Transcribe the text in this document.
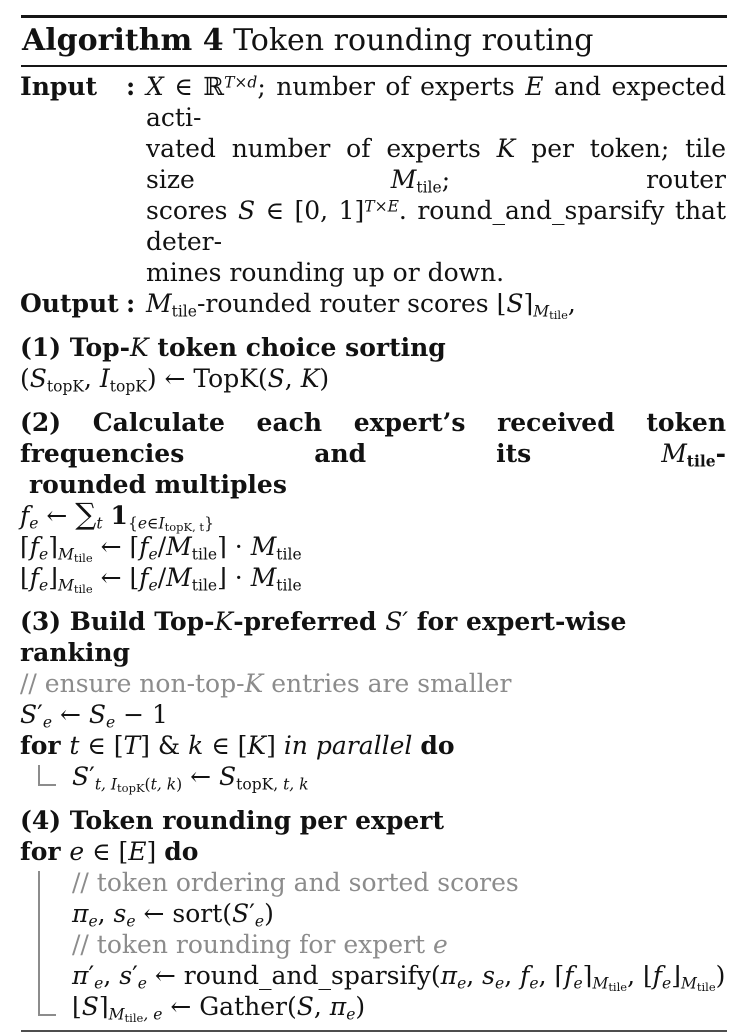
Algorithm 4 Token rounding routing
Input	: X ∈ ℝ$^{T\times d}$; number of experts E and expected acti-
vated number of experts K per token; tile size Mtile; router
scores S ∈ [0, 1]$^{T\times E}$. round_and_sparsify that deter-
mines rounding up or down.
Output : Mtile-rounded router scores $⌊S⌉M_{tile}$,
(1) Top-K token choice sorting
(StopK, ItopK) ← TopK(S, K)
(2) Calculate each expert’s received token frequencies and its Mtile-
rounded multiples
fe ← ∑t $1\{e\in I_{topK, t}\}$
$⌈fe⌉M_{tile}$ ← ⌈fe/Mtile⌉ · Mtile
$⌊fe⌋M_{tile}$ ← ⌊fe/Mtile⌋ · Mtile
(3) Build Top-K-preferred S′ for expert-wise ranking
// ensure non-top-K entries are smaller
S′e ← Se − 1
for t ∈ [T] & k ∈ [K] in parallel do
S′t, $I_{topK}(t$, k) ← StopK, t, k
(4) Token rounding per expert
for e ∈ [E] do
// token ordering and sorted scores
πe, se ← sort(S′e)
// token rounding for expert e
π′e, s′e ← round_and_sparsify(πe, se, fe, $⌈fe⌉M_{tile}$, $⌊fe⌋M_{tile}$)
$⌊S⌉M_{tile}$, e ← Gather(S, πe)
